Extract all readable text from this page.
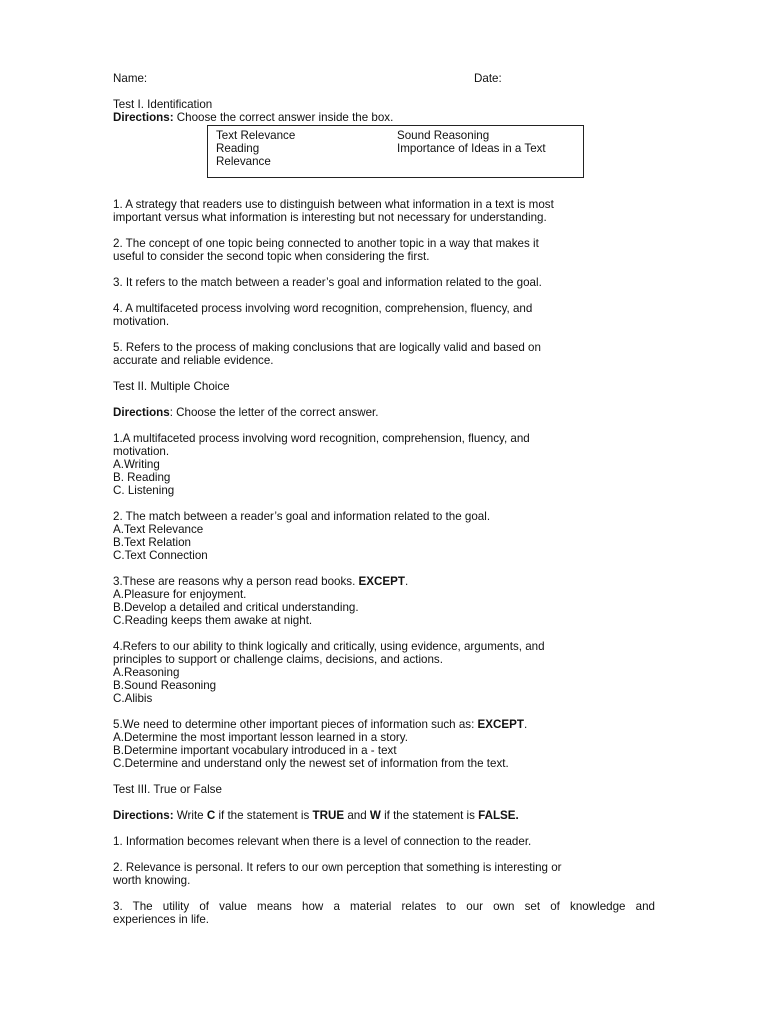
Name:	Date:

Test I. Identification

Directions: Choose the correct answer inside the box.

Text Relevance

Reading

Relevance

Sound Reasoning

Importance of Ideas in a Text

1. A strategy that readers use to distinguish between what information in a text is most

important versus what information is interesting but not necessary for understanding.

2. The concept of one topic being connected to another topic in a way that makes it

useful to consider the second topic when considering the first.

3. It refers to the match between a reader’s goal and information related to the goal.

4. A multifaceted process involving word recognition, comprehension, fluency, and

motivation.

5. Refers to the process of making conclusions that are logically valid and based on

accurate and reliable evidence.

Test II. Multiple Choice

Directions: Choose the letter of the correct answer.

1.A multifaceted process involving word recognition, comprehension, fluency, and

motivation.

A.Writing

B. Reading

C. Listening

2. The match between a reader’s goal and information related to the goal.

A.Text Relevance

B.Text Relation

C.Text Connection

3.These are reasons why a person read books. EXCEPT.

A.Pleasure for enjoyment.

B.Develop a detailed and critical understanding.

C.Reading keeps them awake at night.

4.Refers to our ability to think logically and critically, using evidence, arguments, and

principles to support or challenge claims, decisions, and actions.

A.Reasoning

B.Sound Reasoning

C.Alibis

5.We need to determine other important pieces of information such as: EXCEPT.

A.Determine the most important lesson learned in a story.

B.Determine important vocabulary introduced in a - text

C.Determine and understand only the newest set of information from the text.

Test III. True or False

Directions: Write C if the statement is TRUE and W if the statement is FALSE.

1. Information becomes relevant when there is a level of connection to the reader.

2. Relevance is personal. It refers to our own perception that something is interesting or

worth knowing.

3. The utility of value means how a material relates to our own set of knowledge and

experiences in life.
